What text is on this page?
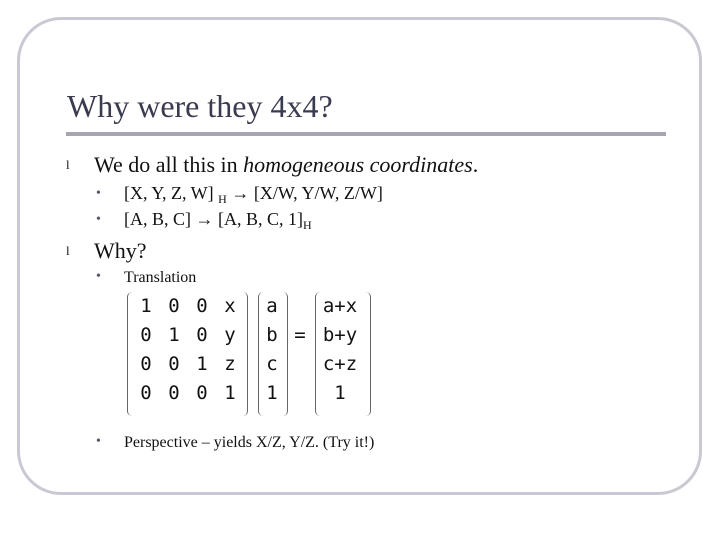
Why were they 4x4?
l We do all this in homogeneous coordinates.
• [X, Y, Z, W] $_H$ → [X/W, Y/W, Z/W]
• [A, B, C] → [A, B, C, $1]_H$
l Why?
• Translation
1 0 0 x
0 1 0 y
0 0 1 z
0 0 0 1
a
b
c
1
=
a+x
b+y
c+z
1
• Perspective – yields X/Z, Y/Z. (Try it!)
